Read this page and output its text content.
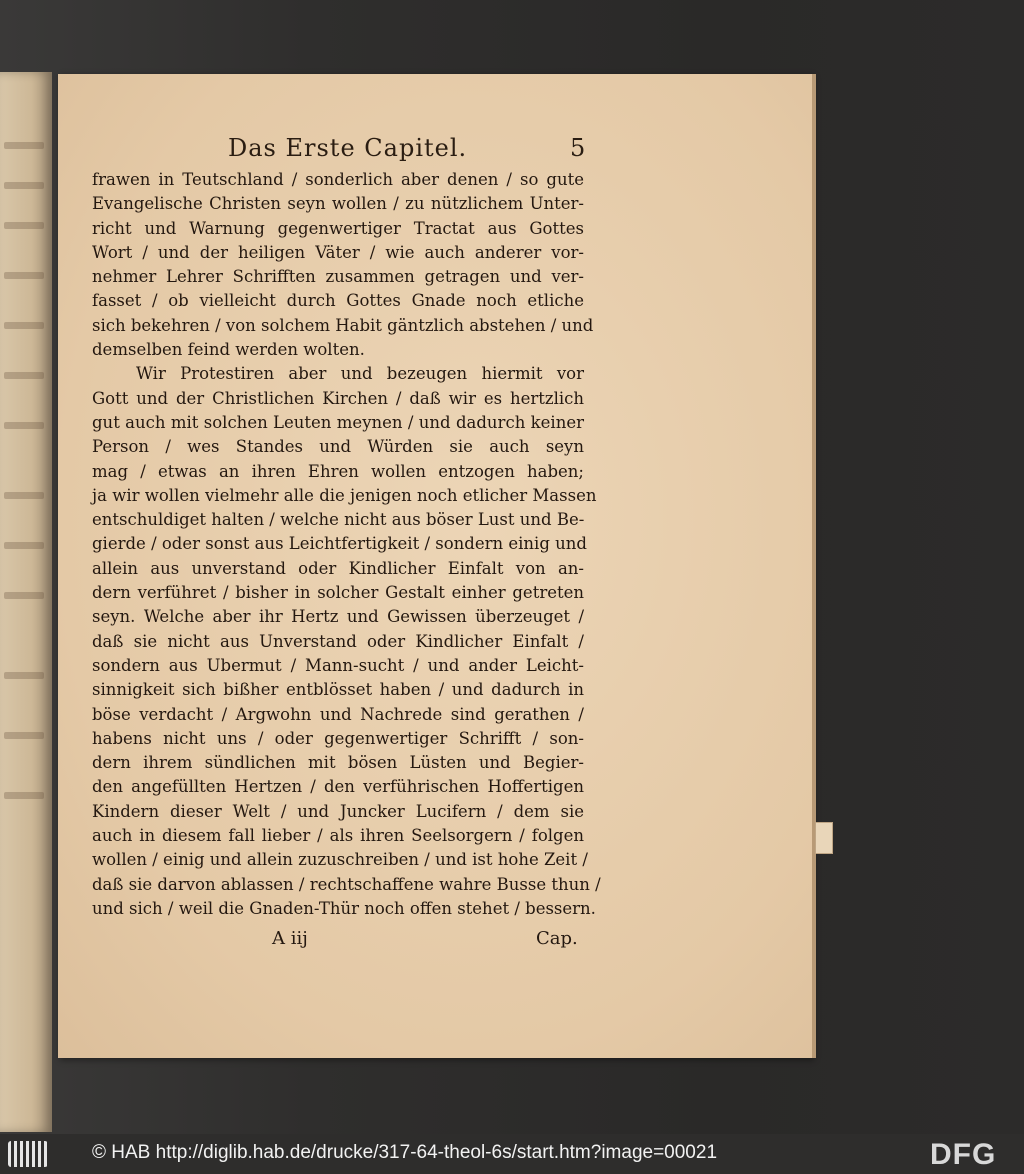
Das Erste Capitel.	5
frawen in Teutschland / sonderlich aber denen / so gute
Evangelische Christen seyn wollen / zu nützlichem Unter-
richt und Warnung gegenwertiger Tractat aus Gottes
Wort / und der heiligen Väter / wie auch anderer vor-
nehmer Lehrer Schrifften zusammen getragen und ver-
fasset / ob vielleicht durch Gottes Gnade noch etliche
sich bekehren / von solchem Habit gäntzlich abstehen / und
demselben feind werden wolten.
Wir Protestiren aber und bezeugen hiermit vor
Gott und der Christlichen Kirchen / daß wir es hertzlich
gut auch mit solchen Leuten meynen / und dadurch keiner
Person / wes Standes und Würden sie auch seyn
mag / etwas an ihren Ehren wollen entzogen haben;
ja wir wollen vielmehr alle die jenigen noch etlicher Massen
entschuldiget halten / welche nicht aus böser Lust und Be-
gierde / oder sonst aus Leichtfertigkeit / sondern einig und
allein aus unverstand oder Kindlicher Einfalt von an-
dern verführet / bisher in solcher Gestalt einher getreten
seyn. Welche aber ihr Hertz und Gewissen überzeuget /
daß sie nicht aus Unverstand oder Kindlicher Einfalt /
sondern aus Ubermut / Mann-sucht / und ander Leicht-
sinnigkeit sich bißher entblösset haben / und dadurch in
böse verdacht / Argwohn und Nachrede sind gerathen /
habens nicht uns / oder gegenwertiger Schrifft / son-
dern ihrem sündlichen mit bösen Lüsten und Begier-
den angefüllten Hertzen / den verführischen Hoffertigen
Kindern dieser Welt / und Juncker Lucifern / dem sie
auch in diesem fall lieber / als ihren Seelsorgern / folgen
wollen / einig und allein zuzuschreiben / und ist hohe Zeit /
daß sie darvon ablassen / rechtschaffene wahre Busse thun /
und sich / weil die Gnaden-Thür noch offen stehet / bessern.
A iij	Cap.
© HAB http://diglib.hab.de/drucke/317-64-theol-6s/start.htm?image=00021	DFG
